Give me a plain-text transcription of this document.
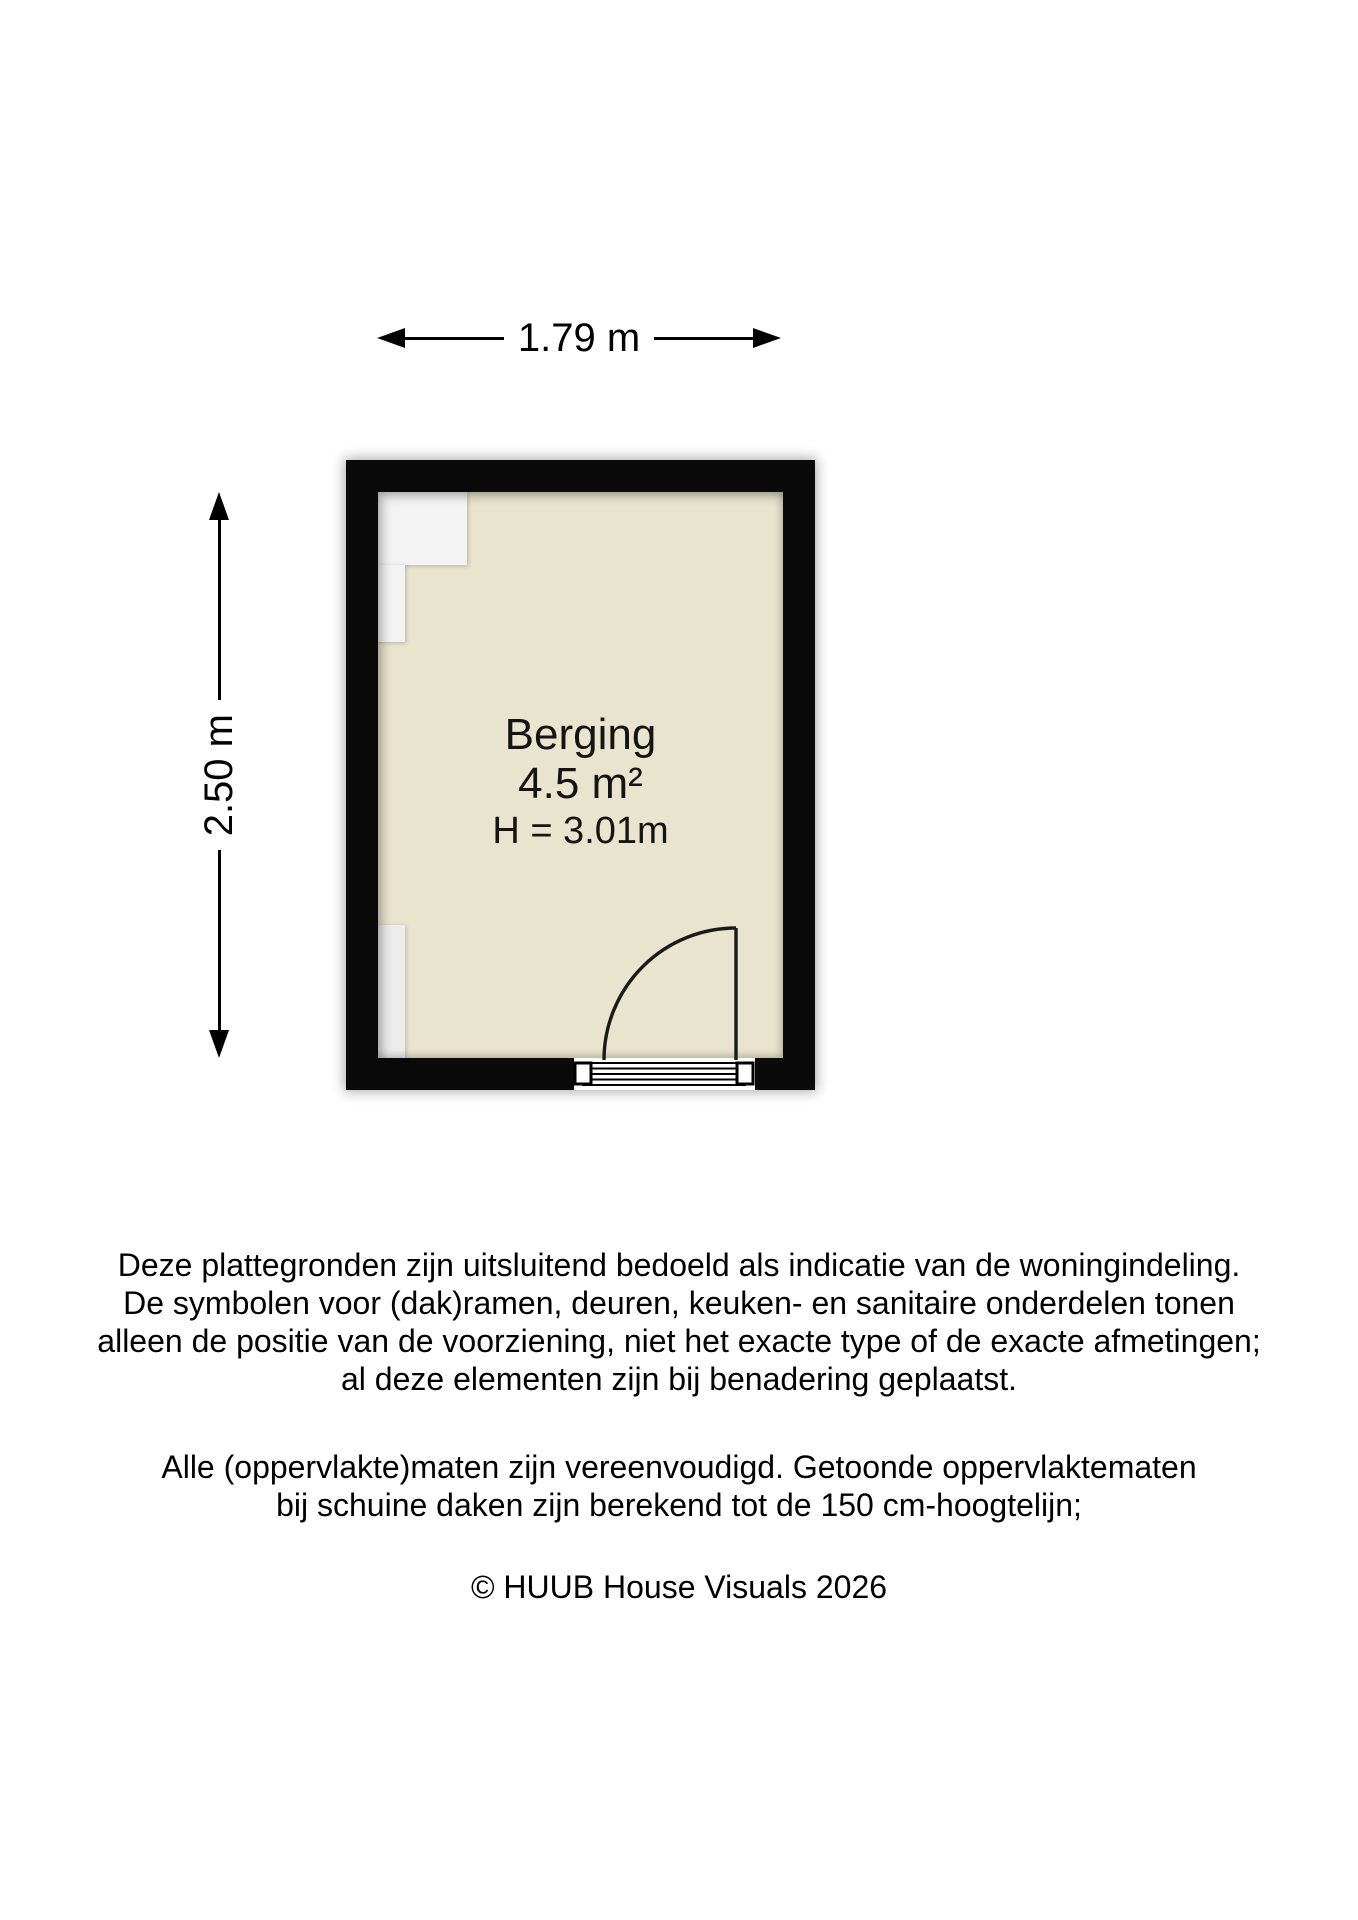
1.79 m
2.50 m	Berging
4.5 m²
H = 3.01m
Deze plattegronden zijn uitsluitend bedoeld als indicatie van de woningindeling.
De symbolen voor (dak)ramen, deuren, keuken- en sanitaire onderdelen tonen
alleen de positie van de voorziening, niet het exacte type of de exacte afmetingen;
al deze elementen zijn bij benadering geplaatst.
Alle (oppervlakte)maten zijn vereenvoudigd. Getoonde oppervlaktematen
bij schuine daken zijn berekend tot de 150 cm-hoogtelijn;
© HUUB House Visuals 2026
